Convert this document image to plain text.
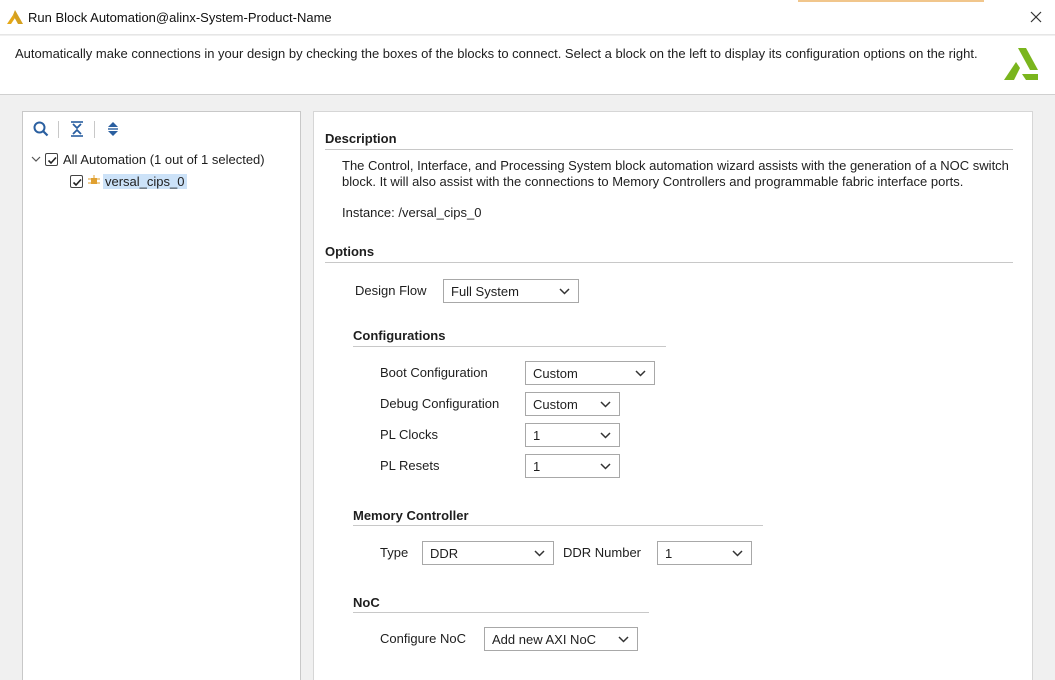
Run Block Automation@alinx-System-Product-Name
Automatically make connections in your design by checking the boxes of the blocks to connect. Select a block on the left to display its configuration options on the right.
All Automation (1 out of 1 selected)
versal_cips_0
Description
The Control, Interface, and Processing System block automation wizard assists with the generation of a NOC switch block. It will also assist with the connections to Memory Controllers and programmable fabric interface ports.
Instance: /versal_cips_0
Options
Design Flow Full System
Configurations
Boot Configuration	Custom
Debug Configuration	Custom
PL Clocks	1
PL Resets	1
Memory Controller
Type DDR	DDR Number 1
NoC
Configure NoC Add new AXI NoC
